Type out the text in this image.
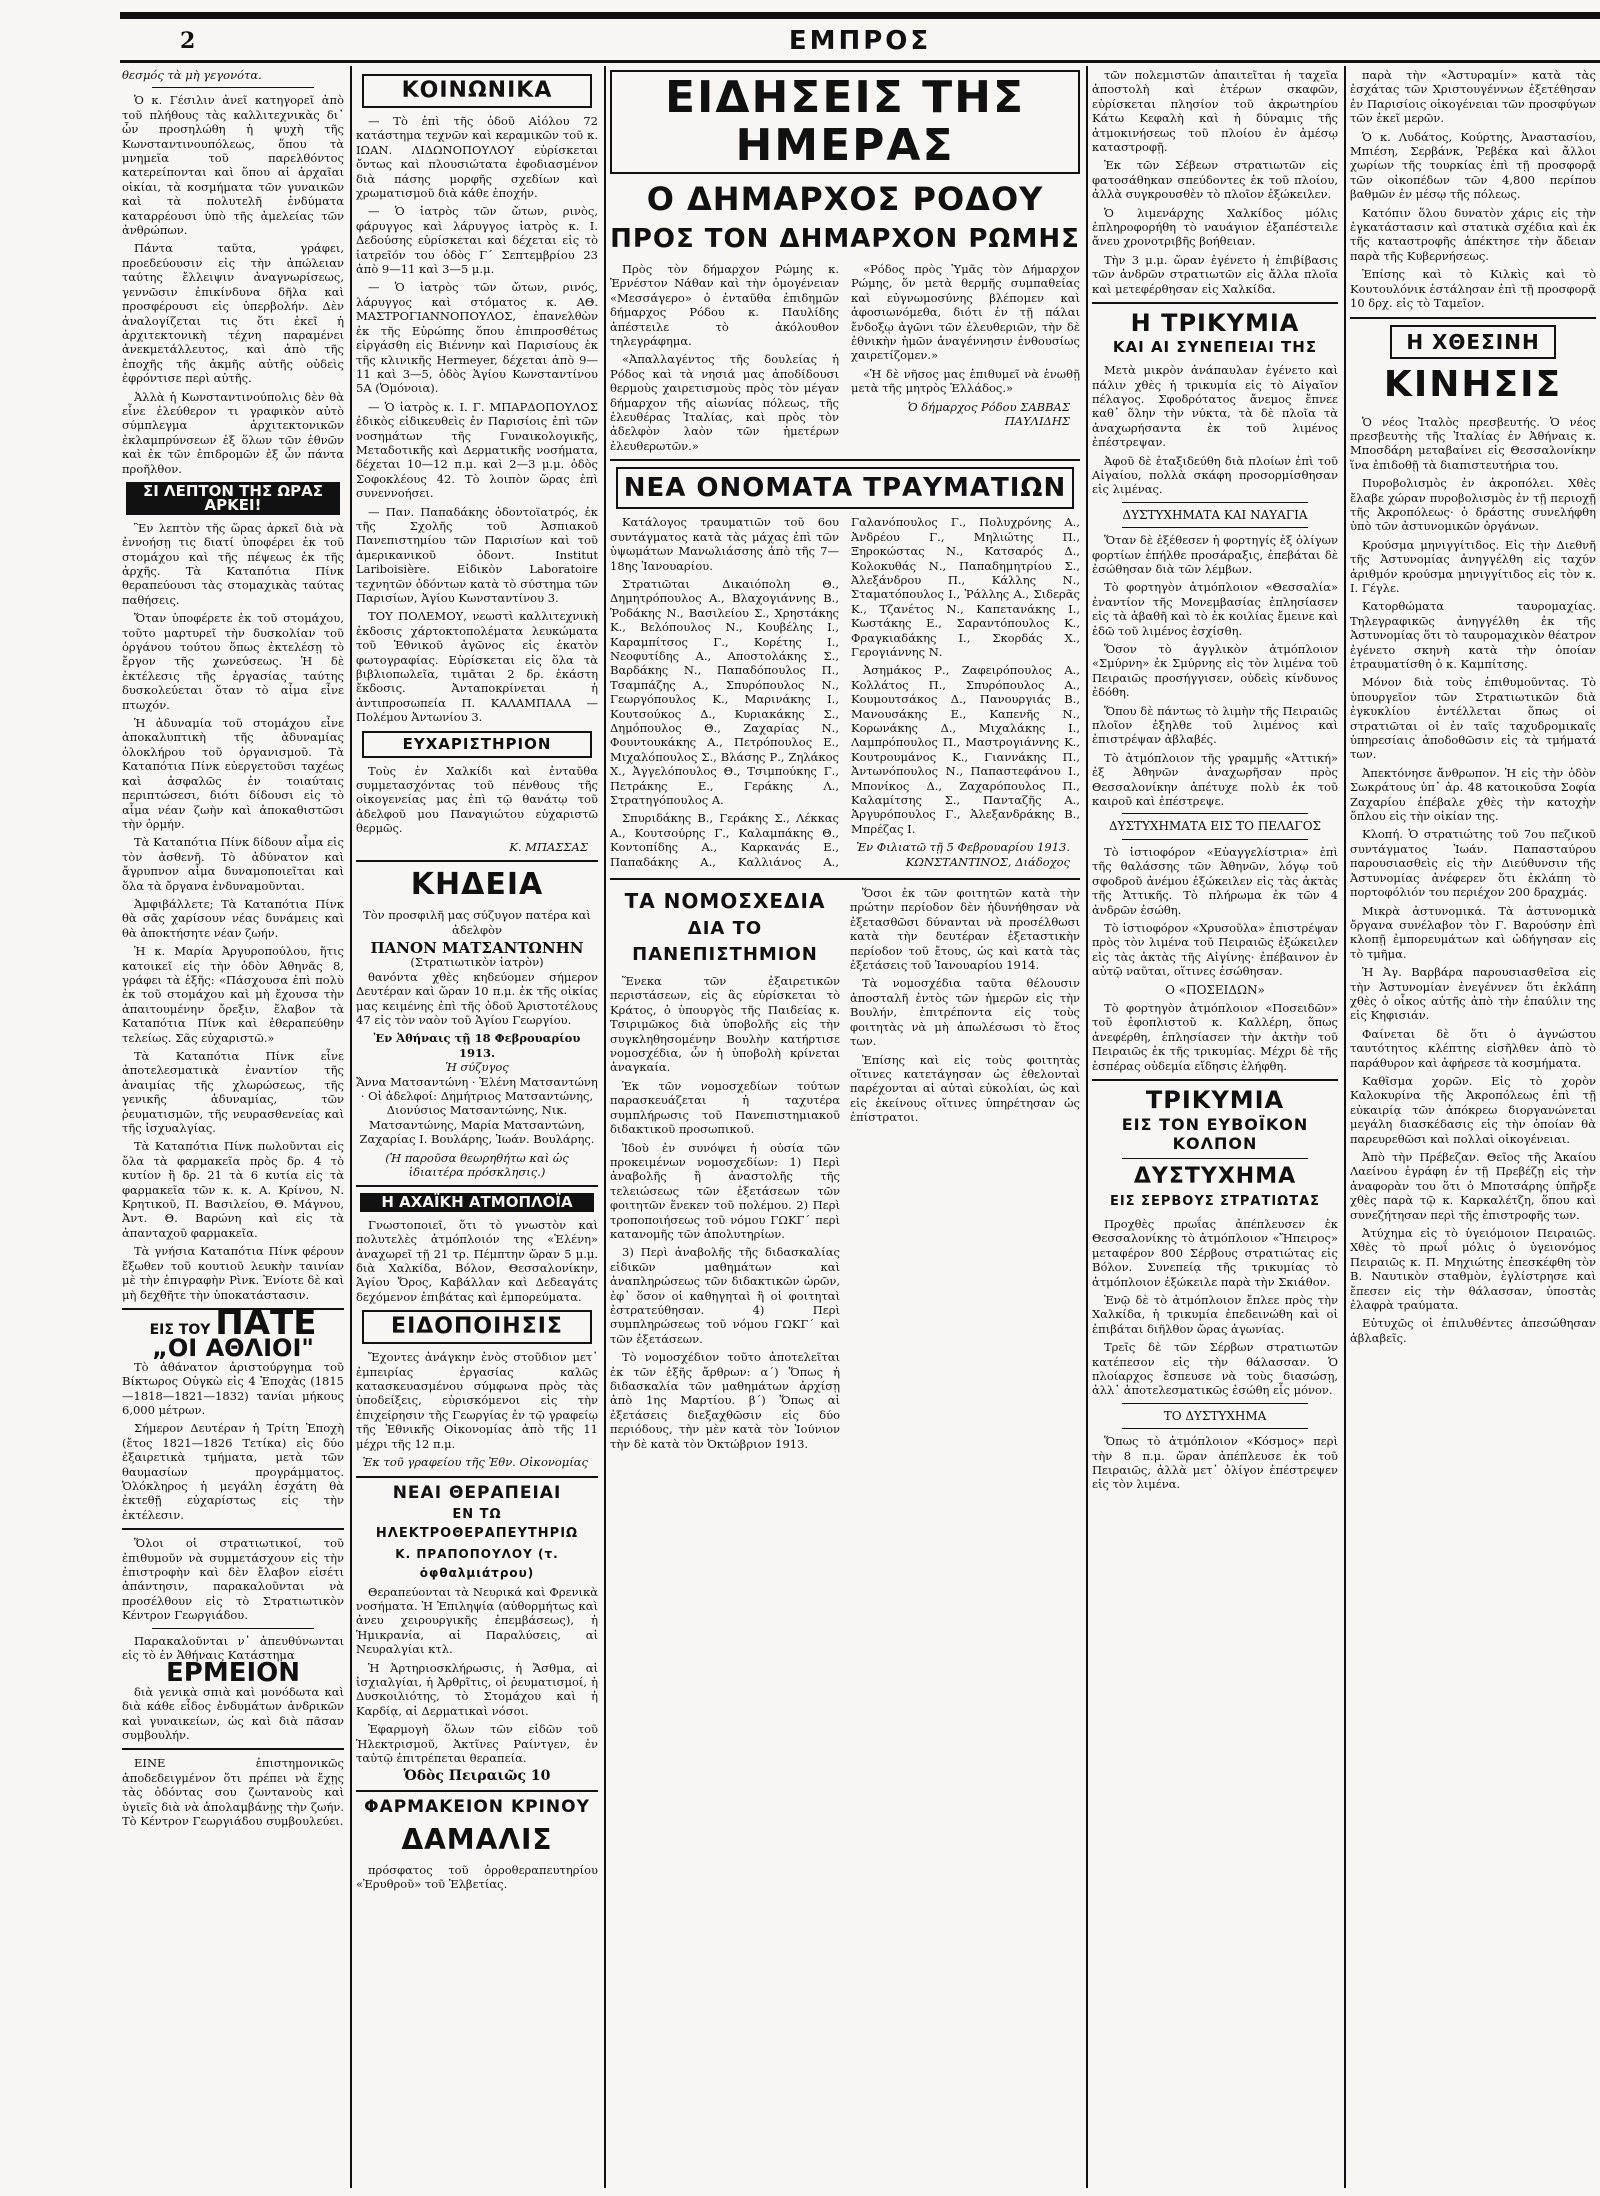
2	ΕΜΠΡΟΣ

θεσμός τὰ μὴ γεγονότα.

Ὁ κ. Γέσιλιν ἀνεῖ κατηγορεῖ ἀπὸ τοῦ πλήθους τὰς καλλιτεχνικὰς δι᾿ ὧν προσηλώθη ἡ ψυχὴ τῆς Κωνσταντινουπόλεως, ὅπου τὰ μνημεῖα τοῦ παρελθόντος κατερείπονται καὶ ὅπου αἱ ἀρχαῖαι οἰκίαι, τὰ κοσμήματα τῶν γυναικῶν καὶ τὰ πολυτελῆ ἐνδύματα καταρρέουσι ὑπὸ τῆς ἀμελείας τῶν ἀνθρώπων.

Πάντα ταῦτα, γράφει, προεδεύουσιν εἰς τὴν ἀπώλειαν ταύτης ἔλλειψιν ἀναγνωρίσεως, γεννῶσιν ἐπικίνδυνα δῆλα καὶ προσφέρουσι εἰς ὑπερβολήν. Δὲν ἀναλογίζεται τις ὅτι ἐκεῖ ἡ ἀρχιτεκτονικὴ τέχνη παραμένει ἀνεκμετάλλευτος, καὶ ἀπὸ τῆς ἐποχῆς τῆς ἀκμῆς αὐτῆς οὐδεὶς ἐφρόντισε περὶ αὐτῆς.

Ἀλλὰ ἡ Κωνσταντινούπολις δὲν θὰ εἶνε ἐλεύθερον τι γραφικὸν αὐτὸ σύμπλεγμα ἀρχιτεκτονικῶν ἐκλαμπρύνσεων ἐξ ὅλων τῶν ἐθνῶν καὶ ἐκ τῶν ἐπιδρομῶν ἐξ ὧν πάντα προῆλθον.

ΣΙ ΛΕΠΤΟΝ ΤΗΣ ΩΡΑΣ ΑΡΚΕΙ!

Ἓν λεπτὸν τῆς ὥρας ἀρκεῖ διὰ νὰ ἐννοήσῃ τις διατί ὑποφέρει ἐκ τοῦ στομάχου καὶ τῆς πέψεως ἐκ τῆς ἀρχῆς. Τὰ Καταπότια Πίνκ θεραπεύουσι τὰς στομαχικὰς ταύτας παθήσεις.

Ὅταν ὑποφέρετε ἐκ τοῦ στομάχου, τοῦτο μαρτυρεῖ τὴν δυσκολίαν τοῦ ὀργάνου τούτου ὅπως ἐκτελέσῃ τὸ ἔργον τῆς χωνεύσεως. Ἡ δὲ ἐκτέλεσις τῆς ἐργασίας ταύτης δυσκολεύεται ὅταν τὸ αἷμα εἶνε πτωχόν.

Ἡ ἀδυναμία τοῦ στομάχου εἶνε ἀποκαλυπτικὴ τῆς ἀδυναμίας ὁλοκλήρου τοῦ ὀργανισμοῦ. Τὰ Καταπότια Πίνκ εὐεργετοῦσι ταχέως καὶ ἀσφαλῶς ἐν τοιαύταις περιπτώσεσι, διότι δίδουσι εἰς τὸ αἷμα νέαν ζωὴν καὶ ἀποκαθιστῶσι τὴν ὁρμήν.

Τὰ Καταπότια Πίνκ δίδουν αἷμα εἰς τὸν ἀσθενῆ. Τὸ ἀδύνατον καὶ ἄγρυπνον αἷμα δυναμοποιεῖται καὶ ὅλα τὰ ὄργανα ἐνδυναμοῦνται.

Ἀμφιβάλλετε; Τὰ Καταπότια Πίνκ θὰ σᾶς χαρίσουν νέας δυνάμεις καὶ θὰ ἀποκτήσητε νέαν ζωήν.

Ἡ κ. Μαρία Ἀργυροπούλου, ἥτις κατοικεῖ εἰς τὴν ὁδὸν Ἀθηνᾶς 8, γράφει τὰ ἑξῆς: «Πάσχουσα ἐπὶ πολὺ ἐκ τοῦ στομάχου καὶ μὴ ἔχουσα τὴν ἀπαιτουμένην ὄρεξιν, ἔλαβον τὰ Καταπότια Πίνκ καὶ ἐθεραπεύθην τελείως. Σᾶς εὐχαριστῶ.»

Τὰ Καταπότια Πίνκ εἶνε ἀποτελεσματικὰ ἐναντίον τῆς ἀναιμίας τῆς χλωρώσεως, τῆς γενικῆς ἀδυναμίας, τῶν ῥευματισμῶν, τῆς νευρασθενείας καὶ τῆς ἰσχυαλγίας.

Τὰ Καταπότια Πίνκ πωλοῦνται εἰς ὅλα τὰ φαρμακεῖα πρὸς δρ. 4 τὸ κυτίον ἢ δρ. 21 τὰ 6 κυτία εἰς τὰ φαρμακεῖα τῶν κ. κ. Α. Κρίνου, Ν. Κρητικοῦ, Π. Βασιλείου, Θ. Μάγνου, Ἀντ. Θ. Βαρώνη καὶ εἰς τὰ ἀπανταχοῦ φαρμακεῖα.

Τὰ γνήσια Καταπότια Πίνκ φέρουν ἔξωθεν τοῦ κουτιοῦ λευκὴν ταινίαν μὲ τὴν ἐπιγραφὴν Ρὶνκ. Ἐνίοτε δὲ καὶ μὴ δεχθῆτε τὴν ὑποκατάστασιν.

ΕΙΣ ΤΟΥ ΠΑΤΕ
„ΟΙ ΑΘΛΙΟΙ"

Τὸ ἀθάνατον ἀριστούργημα τοῦ Βίκτωρος Οὑγκὼ εἰς 4 Ἐποχὰς (1815—1818—1821—1832) τανίαι μήκους 6,000 μέτρων.

Σήμερον Δευτέραν ἡ Τρίτη Ἐποχὴ (ἔτος 1821—1826 Τετίκα) εἰς δύο ἐξαιρετικὰ τμήματα, μετὰ τῶν θαυμασίων προγράμματος. Ὁλόκληρος ἡ μεγάλη ἐσχάτη θὰ ἐκτεθῇ εὐχαρίστως εἰς τὴν ἐκτέλεσιν.

Ὅλοι οἱ στρατιωτικοί, τοῦ ἐπιθυμοῦν νὰ συμμετάσχουν εἰς τὴν ἐπιστροφὴν καὶ δὲν ἔλαβον εἰσέτι ἀπάντησιν, παρακαλοῦνται νὰ προσέλθουν εἰς τὸ Στρατιωτικὸν Κέντρον Γεωργιάδου.

Παρακαλοῦνται ν᾿ ἀπευθύνωνται εἰς τὸ ἐν Ἀθήναις Κατάστημα

ΕΡΜΕΙΟΝ

διὰ γενικὰ σπιὰ καὶ μονόδωτα καὶ διὰ κάθε εἶδος ἐνδυμάτων ἀνδρικῶν καὶ γυναικείων, ὡς καὶ διὰ πᾶσαν συμβουλήν.

ΕΙΝΕ ἐπιστημονικῶς ἀποδεδειγμένον ὅτι πρέπει νὰ ἔχῃς τὰς ὀδόντας σου ζωντανοὺς καὶ ὑγιεῖς διὰ νὰ ἀπολαμβάνῃς τὴν ζωήν. Τὸ Κέντρον Γεωργιάδου συμβουλεύει.

ΚΟΙΝΩΝΙΚΑ

— Τὸ ἐπὶ τῆς ὁδοῦ Αἰόλου 72 κατάστημα τεχνῶν καὶ κεραμικῶν τοῦ κ. ΙΩΑΝ. ΛΙΔΩΝΟΠΟΥΛΟΥ εὑρίσκεται ὄντως καὶ πλουσιώτατα ἐφοδιασμένον διὰ πάσης μορφῆς σχεδίων καὶ χρωματισμοῦ διὰ κάθε ἐποχήν.

— Ὁ ἰατρὸς τῶν ὤτων, ρινὸς, φάρυγγος καὶ λάρυγγος ἰατρὸς κ. Ι. Δεδούσης εὑρίσκεται καὶ δέχεται εἰς τὸ ἰατρεῖόν του ὁδὸς Γ´ Σεπτεμβρίου 23 ἀπὸ 9—11 καὶ 3—5 μ.μ.

— Ὁ ἰατρὸς τῶν ὤτων, ρινός, λάρυγγος καὶ στόματος κ. ΑΘ. ΜΑΣΤΡΟΓΙΑΝΝΟΠΟΥΛΟΣ, ἐπανελθὼν ἐκ τῆς Εὐρώπης ὅπου ἐπιπροσθέτως εἰργάσθη εἰς Βιέννην καὶ Παρισίους ἐκ τῆς κλινικῆς Hermeyer, δέχεται ἀπὸ 9—11 καὶ 3—5, ὁδὸς Ἁγίου Κωνσταντίνου 5Α (Ὁμόνοια).

— Ὁ ἰατρὸς κ. Ι. Γ. ΜΠΑΡΔΟΠΟΥΛΟΣ ἐδικὸς εἰδικευθεὶς ἐν Παρισίοις ἐπὶ τῶν νοσημάτων τῆς Γυναικολογικῆς, Μεταδοτικῆς καὶ Δερματικῆς νοσήματα, δέχεται 10—12 π.μ. καὶ 2—3 μ.μ. ὁδὸς Σοφοκλέους 42. Τὸ λοιπὸν ὥρας ἐπὶ συνεννοήσει.

— Παν. Παπαδάκης ὁδοντοϊατρός, ἐκ τῆς Σχολῆς τοῦ Ἀσπιακοῦ Πανεπιστημίου τῶν Παρισίων καὶ τοῦ ἀμερικανικοῦ ὀδοντ. Institut Lariboisière. Εἰδικὸν Laboratoire τεχνητῶν ὀδόντων κατὰ τὸ σύστημα τῶν Παρισίων, Ἀγίου Κωνσταντίνου 3.

ΤΟΥ ΠΟΛΕΜΟΥ, νεωστὶ καλλιτεχνικὴ ἐκδοσις χάρτοκτοπολέματα λευκώματα τοῦ Ἐθνικοῦ ἀγῶνος εἰς ἑκατὸν φωτογραφίας. Εὑρίσκεται εἰς ὅλα τὰ βιβλιοπωλεῖα, τιμᾶται 2 δρ. ἑκάστη ἔκδοσις. Ἀνταποκρίνεται ἡ ἀντιπροσωπεία Π. ΚΑΛΑΜΠΑΛΑ — Πολέμου Ἀντωνίου 3.

ΕΥΧΑΡΙΣΤΗΡΙΟΝ

Τοὺς ἐν Χαλκίδι καὶ ἐνταῦθα συμμετασχόντας τοῦ πένθους τῆς οἰκογενείας μας ἐπὶ τῷ θανάτῳ τοῦ ἀδελφοῦ μου Παναγιώτου εὐχαριστῶ θερμῶς.

Κ. ΜΠΑΣΣΑΣ
ΚΗΔΕΙΑ

Τὸν προσφιλῆ μας σύζυγον πατέρα καὶ ἀδελφὸν

ΠΑΝΟΝ ΜΑΤΣΑΝΤΩΝΗΝ
(Στρατιωτικὸν ἰατρὸν)

θανόντα χθὲς κηδεύομεν σήμερον Δευτέραν καὶ ὥραν 10 π.μ. ἐκ τῆς οἰκίας μας κειμένης ἐπὶ τῆς ὁδοῦ Ἀριστοτέλους 47 εἰς τὸν ναὸν τοῦ Ἁγίου Γεωργίου.

Ἐν Ἀθήναις τῇ 18 Φεβρουαρίου 1913.
Ἡ σύζυγος

Ἄννα Ματσαντώνη · Ἑλένη Ματσαντώνη · Οἱ ἀδελφοί: Δημήτριος Ματσαντώνης, Διονύσιος Ματσαντώνης, Νικ. Ματσαντώνης, Μαρία Ματσαντώνη, Ζαχαρίας Ι. Βουλάρης, Ἰωάν. Βουλάρης.

(Ἡ παροῦσα θεωρηθήτω καὶ ὡς ἰδιαιτέρα πρόσκλησις.)
Η ΑΧΑΪΚΗ ΑΤΜΟΠΛΟΪΑ

Γνωστοποιεῖ, ὅτι τὸ γνωστὸν καὶ πολυτελὲς ἀτμόπλοιόν της «Ἑλένη» ἀναχωρεῖ τῇ 21 τρ. Πέμπτην ὥραν 5 μ.μ. διὰ Χαλκίδα, Βόλον, Θεσσαλονίκην, Ἁγίου Ὄρος, Καβάλλαν καὶ Δεδεαγάτς δεχόμενον ἐπιβάτας καὶ ἐμπορεύματα.

ΕΙΔΟΠΟΙΗΣΙΣ

Ἔχοντες ἀνάγκην ἐνὸς στοῦδιον μετ᾿ ἐμπειρίας ἐργασίας καλῶς κατασκευασμένου σύμφωνα πρὸς τὰς ὑποδείξεις, εὑρισκόμενοι εἰς τὴν ἐπιχείρησιν τῆς Γεωργίας ἐν τῷ γραφείῳ τῆς Ἐθνικῆς Οἰκονομίας ἀπὸ τῆς 11 μέχρι τῆς 12 π.μ.

Ἐκ τοῦ γραφείου τῆς Ἐθν. Οἰκονομίας
ΝΕΑΙ ΘΕΡΑΠΕΙΑΙ
ΕΝ ΤΩ ΗΛΕΚΤΡΟΘΕΡΑΠΕΥΤΗΡΙΩ
Κ. ΠΡΑΠΟΠΟΥΛΟΥ (τ. ὀφθαλμιάτρου)

Θεραπεύονται τὰ Νευρικά καὶ Φρενικὰ νοσήματα. Ἡ Ἐπιληψία (αὐθορμήτως καὶ ἀνευ χειρουργικῆς ἐπεμβάσεως), ἡ Ἡμικρανία, αἱ Παραλύσεις, αἱ Νευραλγίαι κτλ.

Ἡ Ἀρτηριοσκλήρωσις, ἡ Ἄσθμα, αἱ ἰσχιαλγίαι, ἡ Ἀρθρῖτις, οἱ ῥευματισμοί, ἡ Δυσκοιλιότης, τὸ Στομάχου καὶ ἡ Καρδίᾳ, αἱ Δερματικαὶ νόσοι.

Ἐφαρμογὴ ὅλων τῶν εἰδῶν τοῦ Ἡλεκτρισμοῦ, Ἀκτῖνες Ραίντγεν, ἐν ταὐτῷ ἐπιτρέπεται θεραπεία.

Ὁδὸς Πειραιῶς 10
ΦΑΡΜΑΚΕΙΟΝ ΚΡΙΝΟΥ
ΔΑΜΑΛΙΣ

πρόσφατος τοῦ ὀρροθεραπευτηρίου «Ἐρυθροῦ» τοῦ Ἐλβετίας.

ΕΙΔΗΣΕΙΣ ΤΗΣ ΗΜΕΡΑΣ
Ο ΔΗΜΑΡΧΟΣ ΡΟΔΟΥ
ΠΡΟΣ ΤΟΝ ΔΗΜΑΡΧΟΝ ΡΩΜΗΣ

Πρὸς τὸν δήμαρχον Ρώμης κ. Ἐρνέστον Νάθαν καὶ τὴν ὁμογένειαν «Μεσσάγερο» ὁ ἐνταῦθα ἐπιδημῶν δήμαρχος Ρόδου κ. Παυλίδης ἀπέστειλε τὸ ἀκόλουθον τηλεγράφημα.

«Ἀπαλλαγέντος τῆς δουλείας ἡ Ρόδος καὶ τὰ νησιά μας ἀποδίδουσι θερμοὺς χαιρετισμοὺς πρὸς τὸν μέγαν δήμαρχον τῆς αἰωνίας πόλεως, τῆς ἐλευθέρας Ἰταλίας, καὶ πρὸς τὸν ἀδελφὸν λαὸν τῶν ἡμετέρων ἐλευθερωτῶν.»

«Ρόδος πρὸς Ὑμᾶς τὸν Δήμαρχον Ρώμης, ὅν μετὰ θερμῆς συμπαθείας καὶ εὐγνωμοσύνης βλέπομεν καὶ ἀφοσιωνόμεθα, διότι ἐν τῇ πάλαι ἔνδοξῳ ἀγῶνι τῶν ἐλευθεριῶν, τὴν δὲ ἐθνικὴν ἡμῶν ἀναγέννησιν ἐνθουσίως χαιρετίζομεν.»

«Ἡ δὲ νῆσος μας ἐπιθυμεῖ νὰ ἑνωθῇ μετὰ τῆς μητρὸς Ἑλλάδος.»

Ὁ δήμαρχος Ρόδου ΣΑΒΒΑΣ ΠΑΥΛΙΔΗΣ
ΝΕΑ ΟΝΟΜΑΤΑ ΤΡΑΥΜΑΤΙΩΝ

Κατάλογος τραυματιῶν τοῦ 6ου συντάγματος κατὰ τὰς μάχας ἐπὶ τῶν ὑψωμάτων Μανωλιάσσης ἀπὸ τῆς 7—18ης Ἰανουαρίου.

Στρατιῶται Δικαιόπολη Θ., Δημητρόπουλος Α., Βλαχογιάννης Β., Ῥοδάκης Ν., Βασιλείου Σ., Χρηστάκης Κ., Βελόπουλος Ν., Κουβέλης Ι., Καραμπίτσος Γ., Κορέτης Ι., Νεοφυτίδης Α., Αποστολάκης Σ., Βαρδάκης Ν., Παπαδόπουλος Π., Τσαμπάζης Α., Σπυρόπουλος Ν., Γεωργόπουλος Κ., Μαρινάκης Ι., Κουτσούκος Δ., Κυριακάκης Σ., Δημόπουλος Θ., Ζαχαρίας Ν., Φουντουκάκης Α., Πετρόπουλος Ε., Μιχαλόπουλος Σ., Βλάσης Ρ., Ζηλάκος Χ., Ἀγγελόπουλος Θ., Τσιμπούκης Γ., Πετράκης Ε., Γεράκης Λ., Στρατηγόπουλος Α.

Σπυριδάκης Β., Γεράκης Σ., Λέκκας Α., Κουτσούρης Γ., Καλαμπάκης Θ., Κοντοπίδης Α., Καρκανάς Ε., Παπαδάκης Α., Καλλιάνος Α., Γαλανόπουλος Γ., Πολυχρόνης Α., Ἀνδρέου Γ., Μηλιώτης Π., Ξηροκώστας Ν., Κατσαρός Δ., Κολοκυθάς Ν., Παπαδημητρίου Σ., Ἀλεξάνδρου Π., Κάλλης Ν., Σταματόπουλος Ι., Ῥάλλης Α., Σιδερᾶς Κ., Τζανέτος Ν., Καπετανάκης Ι., Κωστάκης Ε., Σαραντόπουλος Κ., Φραγκιαδάκης Ι., Σκορδάς Χ., Γερογιάννης Ν.

Ἀσημάκος Ρ., Ζαφειρόπουλος Α., Κολλάτος Π., Σπυρόπουλος Α., Κουμουτσάκος Δ., Πανουργιάς Β., Μανουσάκης Ε., Καπενῆς Ν., Κορωνάκης Δ., Μιχαλάκης Ι., Λαμπρόπουλος Π., Μαστρογιάννης Κ., Κουτρουμάνος Κ., Γιαννάκης Π., Ἀντωνόπουλος Ν., Παπαστεφάνου Ι., Μπονίκος Δ., Ζαχαρόπουλος Π., Καλαμίτσης Σ., Πανταζῆς Α., Ἀργυρόπουλος Γ., Ἀλεξανδράκης Β., Μπρέζας Ι.

Ἐν Φιλιατῶ τῇ 5 Φεβρουαρίου 1913. ΚΩΝΣΤΑΝΤΙΝΟΣ, Διάδοχος
ΤΑ ΝΟΜΟΣΧΕΔΙΑ
ΔΙΑ ΤΟ ΠΑΝΕΠΙΣΤΗΜΙΟΝ

Ἕνεκα τῶν ἐξαιρετικῶν περιστάσεων, εἰς ἃς εὑρίσκεται τὸ Κράτος, ὁ ὑπουργὸς τῆς Παιδείας κ. Τσιριμῶκος διὰ ὑποβολῆς εἰς τὴν συγκληθησομένην Βουλὴν κατήρτισε νομοσχέδια, ὧν ἡ ὑποβολὴ κρίνεται ἀναγκαία.

Ἐκ τῶν νομοσχεδίων τούτων παρασκευάζεται ἡ ταχυτέρα συμπλήρωσις τοῦ Πανεπιστημιακοῦ διδακτικοῦ προσωπικοῦ.

Ἰδοὺ ἐν συνόψει ἡ οὐσία τῶν προκειμένων νομοσχεδίων: 1) Περὶ ἀναβολῆς ἢ ἀναστολῆς τῆς τελειώσεως τῶν ἐξετάσεων τῶν φοιτητῶν ἕνεκεν τοῦ πολέμου. 2) Περὶ τροποποιήσεως τοῦ νόμου ΓΩΚΓ´ περὶ κατανομῆς τῶν ἀπολυτηρίων.

3) Περὶ ἀναβολῆς τῆς διδασκαλίας εἰδικῶν μαθημάτων καὶ ἀναπληρώσεως τῶν διδακτικῶν ὡρῶν, ἐφ᾿ ὅσον οἱ καθηγηταὶ ἢ οἱ φοιτηταὶ ἐστρατεύθησαν. 4) Περὶ συμπληρώσεως τοῦ νόμου ΓΩΚΓ´ καὶ τῶν ἐξετάσεων.

Τὸ νομοσχέδιον τοῦτο ἀποτελεῖται ἐκ τῶν ἑξῆς ἄρθρων: α´) Ὅπως ἡ διδασκαλία τῶν μαθημάτων ἀρχίσῃ ἀπὸ 1ης Μαρτίου. β´) Ὅπως αἱ ἐξετάσεις διεξαχθῶσιν εἰς δύο περιόδους, τὴν μὲν κατὰ τὸν Ἰούνιον τὴν δὲ κατὰ τὸν Ὀκτώβριον 1913.

Ὅσοι ἐκ τῶν φοιτητῶν κατὰ τὴν πρώτην περίοδον δὲν ἠδυνήθησαν νὰ ἐξετασθῶσι δύνανται νὰ προσέλθωσι κατὰ τὴν δευτέραν ἐξεταστικὴν περίοδον τοῦ ἔτους, ὡς καὶ κατὰ τὰς ἐξετάσεις τοῦ Ἰανουαρίου 1914.

Τὰ νομοσχέδια ταῦτα θέλουσιν ἀποσταλῆ ἐντὸς τῶν ἡμερῶν εἰς τὴν Βουλήν, ἐπιτρέποντα εἰς τοὺς φοιτητὰς νὰ μὴ ἀπωλέσωσι τὸ ἔτος των.

Ἐπίσης καὶ εἰς τοὺς φοιτητὰς οἵτινες κατετάγησαν ὡς ἐθελονταὶ παρέχονται αἱ αὐταὶ εὐκολίαι, ὡς καὶ εἰς ἐκείνους οἵτινες ὑπηρέτησαν ὡς ἐπίστρατοι.

τῶν πολεμιστῶν ἀπαιτεῖται ἡ ταχεῖα ἀποστολὴ καὶ ἐτέρων σκαφῶν, εὑρίσκεται πλησίον τοῦ ἀκρωτηρίου Κάτω Κεφαλὴ καὶ ἡ δύναμις τῆς ἀτμοκινήσεως τοῦ πλοίου ἐν ἀμέσῳ καταστροφῇ.

Ἐκ τῶν Σέβεων στρατιωτῶν εἰς φατοσάθηκαν σπεύδοντες ἐκ τοῦ πλοίου, ἀλλὰ συγκρουσθὲν τὸ πλοῖον ἐξώκειλεν.

Ὁ λιμενάρχης Χαλκίδος μόλις ἐπληροφορήθη τὸ ναυάγιον ἐξαπέστειλε ἄνευ χρονοτριβῆς βοήθειαν.

Τὴν 3 μ.μ. ὥραν ἐγένετο ἡ ἐπιβίβασις τῶν ἀνδρῶν στρατιωτῶν εἰς ἄλλα πλοῖα καὶ μετεφέρθησαν εἰς Χαλκίδα.

Η ΤΡΙΚΥΜΙΑ
ΚΑΙ ΑΙ ΣΥΝΕΠΕΙΑΙ ΤΗΣ

Μετὰ μικρὸν ἀνάπαυλαν ἐγένετο καὶ πάλιν χθὲς ἡ τρικυμία εἰς τὸ Αἰγαῖον πέλαγος. Σφοδρότατος ἄνεμος ἔπνεε καθ᾿ ὅλην τὴν νύκτα, τὰ δὲ πλοῖα τὰ ἀναχωρήσαντα ἐκ τοῦ λιμένος ἐπέστρεψαν.

Ἀφοῦ δὲ ἐταξιδεύθη διὰ πλοίων ἐπὶ τοῦ Αἰγαίου, πολλὰ σκάφη προσορμίσθησαν εἰς λιμένας.

ΔΥΣΤΥΧΗΜΑΤΑ ΚΑΙ ΝΑΥΑΓΙΑ

Ὅταν δὲ ἐξέθεσεν ἡ φορτηγίς ἐξ ὀλίγων φορτίων ἐπήλθε προσάραξις, ἐπεβάται δὲ ἐσώθησαν διὰ τῶν λέμβων.

Τὸ φορτηγὸν ἀτμόπλοιον «Θεσσαλία» ἐναντίον τῆς Μονεμβασίας ἐπλησίασεν εἰς τὰ ἀβαθῆ καὶ τὸ ἐκ κοιλίας ἔμεινε καὶ ἐδῶ τοῦ λιμένος ἐσχίσθη.

Ὅσον τὸ ἀγγλικὸν ἀτμόπλοιον «Σμύρνη» ἐκ Σμύρνης εἰς τὸν λιμένα τοῦ Πειραιῶς προσήγγισεν, οὐδεὶς κίνδυνος ἐδόθη.

Ὅπου δὲ πάντως τὸ λιμὴν τῆς Πειραιῶς πλοῖον ἐξηλθε τοῦ λιμένος καὶ ἐπιστρέψαν ἀβλαβές.

Τὸ ἀτμόπλοιον τῆς γραμμῆς «Ἀττική» ἐξ Ἀθηνῶν ἀναχωρῆσαν πρὸς Θεσσαλονίκην ἀπέτυχε πολὺ ἐκ τοῦ καιροῦ καὶ ἐπέστρεψε.

ΔΥΣΤΥΧΗΜΑΤΑ ΕΙΣ ΤΟ ΠΕΛΑΓΟΣ

Τὸ ἱστιοφόρον «Εὐαγγελίστρια» ἐπὶ τῆς θαλάσσης τῶν Ἀθηνῶν, λόγῳ τοῦ σφοδροῦ ἀνέμου ἐξώκειλεν εἰς τὰς ἀκτὰς τῆς Ἀττικῆς. Τὸ πλήρωμα ἐκ τῶν 4 ἀνδρῶν ἐσώθη.

Τὸ ἰστιοφόρον «Χρυσοῦλα» ἐπιστρέψαν πρὸς τὸν λιμένα τοῦ Πειραιῶς ἐξώκειλεν εἰς τὰς ἀκτὰς τῆς Αἰγίνης· ἐπέβαινον ἐν αὐτῷ ναῦται, οἵτινες ἐσώθησαν.

Ο «ΠΟΣΕΙΔΩΝ»

Τὸ φορτηγὸν ἀτμόπλοιον «Ποσειδῶν» τοῦ ἐφοπλιστοῦ κ. Καλλέρη, ὅπως ἀνεφέρθη, ἐπλησίασεν τὴν ἀκτὴν τοῦ Πειραιῶς ἐκ τῆς τρικυμίας. Μέχρι δὲ τῆς ἑσπέρας οὐδεμία εἴδησις ἐλήφθη.

ΤΡΙΚΥΜΙΑ
ΕΙΣ ΤΟΝ ΕΥΒΟΪΚΟΝ ΚΟΛΠΟΝ
ΔΥΣΤΥΧΗΜΑ
ΕΙΣ ΣΕΡΒΟΥΣ ΣΤΡΑΤΙΩΤΑΣ

Προχθὲς πρωΐας ἀπέπλευσεν ἐκ Θεσσαλονίκης τὸ ἀτμόπλοιον «Ἤπειρος» μεταφέρον 800 Σέρβους στρατιώτας εἰς Βόλον. Συνεπείᾳ τῆς τρικυμίας τὸ ἀτμόπλοιον ἐξώκειλε παρὰ τὴν Σκιάθον.

Ἐνῷ δὲ τὸ ἀτμόπλοιον ἔπλεε πρὸς τὴν Χαλκίδα, ἡ τρικυμία ἐπεδεινώθη καὶ οἱ ἐπιβάται διῆλθον ὥρας ἀγωνίας.

Τρεῖς δὲ τῶν Σέρβων στρατιωτῶν κατέπεσον εἰς τὴν θάλασσαν. Ὁ πλοίαρχος ἔσπευσε νὰ τοὺς διασώσῃ, ἀλλ᾿ ἀποτελεσματικῶς ἐσώθη εἷς μόνον.

ΤΟ ΔΥΣΤΥΧΗΜΑ

Ὅπως τὸ ἀτμόπλοιον «Κόσμος» περὶ τὴν 8 π.μ. ὥραν ἀπέπλευσε ἐκ τοῦ Πειραιῶς, ἀλλὰ μετ᾿ ὀλίγον ἐπέστρεψεν εἰς τὸν λιμένα.

παρὰ τὴν «Ἀστυραμίν» κατὰ τὰς ἐσχάτας τῶν Χριστουγέννων ἐξετέθησαν ἐν Παρισίοις οἰκογένειαι τῶν προσφύγων τῶν ἐκεῖ μερῶν.

Ὁ κ. Λυδάτος, Κούρτης, Ἀναστασίου, Μπιέση, Σερβάνκ, Ῥεβέκα καὶ ἄλλοι χωρίων τῆς τουρκίας ἐπὶ τῇ προσφορᾷ τῶν οἰκοπέδων τῶν 4,800 περίπου βαθμῶν ἐν μέσῳ τῆς πόλεως.

Κατόπιν ὅλου δυνατὸν χάρις εἰς τὴν ἐγκατάστασιν καὶ στατικὰ σχέδια καὶ ἐκ τῆς καταστροφῆς ἀπέκτησε τὴν ἄδειαν παρὰ τῆς Κυβερνήσεως.

Ἐπίσης καὶ τὸ Κιλκὶς καὶ τὸ Κουτουλόνικ ἐστάλησαν ἐπὶ τῇ προσφορᾷ 10 δρχ. εἰς τὸ Ταμεῖον.

Η ΧΘΕΣΙΝΗ
ΚΙΝΗΣΙΣ

Ὁ νέος Ἰταλὸς πρεσβευτής. Ὁ νέος πρεσβευτὴς τῆς Ἰταλίας ἐν Ἀθήναις κ. Μποσδάρη μεταβαίνει εἰς Θεσσαλονίκην ἵνα ἐπιδοθῇ τὰ διαπιστευτήρια του.

Πυροβολισμὸς ἐν ἀκροπόλει. Χθὲς ἔλαβε χώραν πυροβολισμὸς ἐν τῇ περιοχῇ τῆς Ἀκροπόλεως· ὁ δράστης συνελήφθη ὑπὸ τῶν ἀστυνομικῶν ὀργάνων.

Κρούσμα μηνιγγίτιδος. Εἰς τὴν Διεθνῆ τῆς Ἀστυνομίας ἀνηγγέλθη εἰς ταχύν ἀριθμόν κρούσμα μηνιγγίτιδος εἰς τὸν κ. Ι. Γέγλε.

Κατορθώματα ταυρομαχίας. Τηλεγραφικῶς ἀνηγγέλθη ἐκ τῆς Ἀστυνομίας ὅτι τὸ ταυρομαχικὸν θέατρον ἐγένετο σκηνὴ κατὰ τὴν ὁποίαν ἐτραυματίσθη ὁ κ. Καμπίτσης.

Μόνον διὰ τοὺς ἐπιθυμοῦντας. Τὸ ὑπουργεῖον τῶν Στρατιωτικῶν διὰ ἐγκυκλίου ἐντέλλεται ὅπως οἱ στρατιῶται οἱ ἐν ταῖς ταχυδρομικαῖς ὑπηρεσίαις ἀποδοθῶσιν εἰς τὰ τμήματά των.

Ἀπεκτόνησε ἄνθρωπον. Ἡ εἰς τὴν ὁδὸν Σωκράτους ὑπ᾿ ἀρ. 48 κατοικοῦσα Σοφία Ζαχαρίου ἐπέβαλε χθὲς τὴν κατοχὴν ὅπλου εἰς τὴν οἰκίαν της.

Κλοπή. Ὁ στρατιώτης τοῦ 7ου πεζικοῦ συντάγματος Ἰωάν. Παπασταύρου παρουσιασθεὶς εἰς τὴν Διεύθυνσιν τῆς Ἀστυνομίας ἀνέφερεν ὅτι ἐκλάπη τὸ πορτοφόλιόν του περιέχον 200 δραχμάς.

Μικρὰ ἀστυνομικά. Τὰ ἀστυνομικὰ ὄργανα συνέλαβον τὸν Γ. Βαρούσην ἐπὶ κλοπῇ ἐμπορευμάτων καὶ ὡδήγησαν εἰς τὸ τμῆμα.

Ἡ Ἀγ. Βαρβάρα παρουσιασθεῖσα εἰς τὴν Ἀστυνομίαν ἐνεγέννεν ὅτι ἐκλάπη χθὲς ὁ οἶκος αὐτῆς ἀπὸ τὴν ἐπαύλιν της εἰς Κηφισιάν.

Φαίνεται δὲ ὅτι ὁ ἀγνώστου ταυτότητος κλέπτης εἰσῆλθεν ἀπὸ τὸ παράθυρον καὶ ἀφήρεσε τὰ κοσμήματα.

Καθῖσμα χορῶν. Εἰς τὸ χορὸν Καλοκυρίνα τῆς Ἀκροπόλεως ἐπὶ τῇ εὐκαιρίᾳ τῶν ἀπόκρεω διοργανώνεται μεγάλη διασκέδασις εἰς τὴν ὁποίαν θὰ παρευρεθῶσι καὶ πολλαὶ οἰκογένειαι.

Ἀπὸ τὴν Πρέβεζαν. Θεῖος τῆς Ἀκαίου Λαείνου ἐγράφη ἐν τῇ Πρεβέζῃ εἰς τὴν ἀναφορὰν του ὅτι ὁ Μποτσάρης ὑπῆρξε χθὲς παρὰ τῷ κ. Καρκαλέτζη, ὅπου καὶ συνεζήτησαν περὶ τῆς ἐπιστροφῆς των.

Ἀτύχημα εἰς τὸ ὑγειόμοιον Πειραιῶς. Χθὲς τὸ πρωΐ μόλις ὁ ὑγειονόμος Πειραιῶς κ. Π. Μηχιώτης ἐπεσκέφθη τὸν Β. Ναυτικὸν σταθμὸν, ἐγλίστρησε καὶ ἔπεσεν εἰς τὴν θάλασσαν, ὑποστὰς ἐλαφρὰ τραύματα.

Εὐτυχῶς οἱ ἐπιλυθέντες ἀπεσώθησαν ἀβλαβεῖς.
